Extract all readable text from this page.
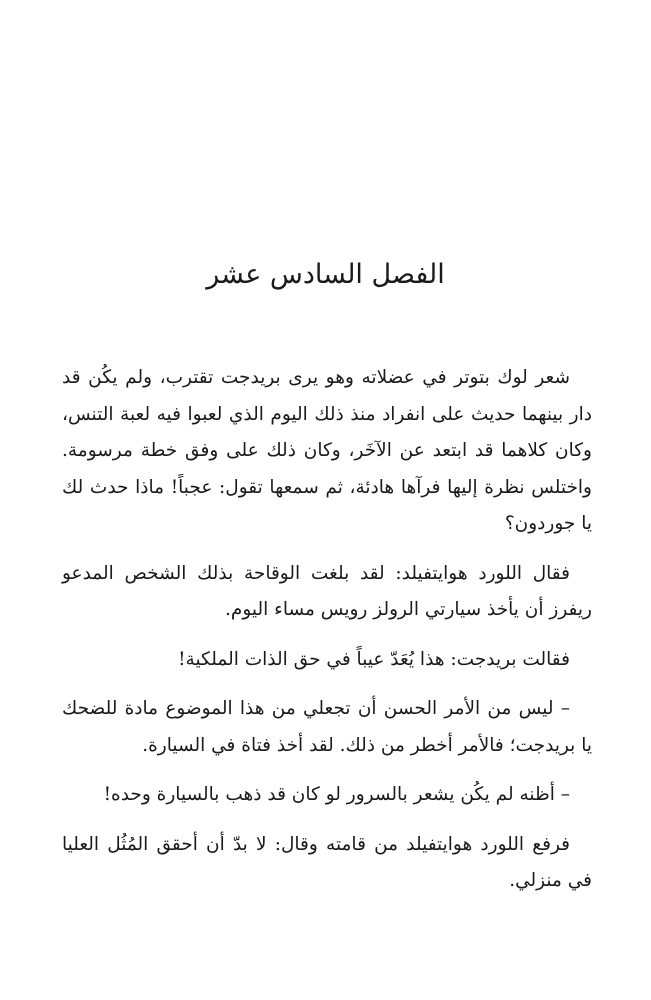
الفصل السادس عشر

شعر لوك بتوتر في عضلاته وهو يرى بريدجت تقترب، ولم يكُن قد دار بينهما حديث على انفراد منذ ذلك اليوم الذي لعبوا فيه لعبة التنس، وكان كلاهما قد ابتعد عن الآخَر، وكان ذلك على وفق خطة مرسومة. واختلس نظرة إليها فرآها هادئة، ثم سمعها تقول: عجباً! ماذا حدث لك يا جوردون؟

فقال اللورد هوايتفيلد: لقد بلغت الوقاحة بذلك الشخص المدعو ريفرز أن يأخذ سيارتي الرولز رويس مساء اليوم.

فقالت بريدجت: هذا يُعَدّ عيباً في حق الذات الملكية!

– ليس من الأمر الحسن أن تجعلي من هذا الموضوع مادة للضحك يا بريدجت؛ فالأمر أخطر من ذلك. لقد أخذ فتاة في السيارة.

– أظنه لم يكُن يشعر بالسرور لو كان قد ذهب بالسيارة وحده!

فرفع اللورد هوايتفيلد من قامته وقال: لا بدّ أن أحقق المُثُل العليا في منزلي.
